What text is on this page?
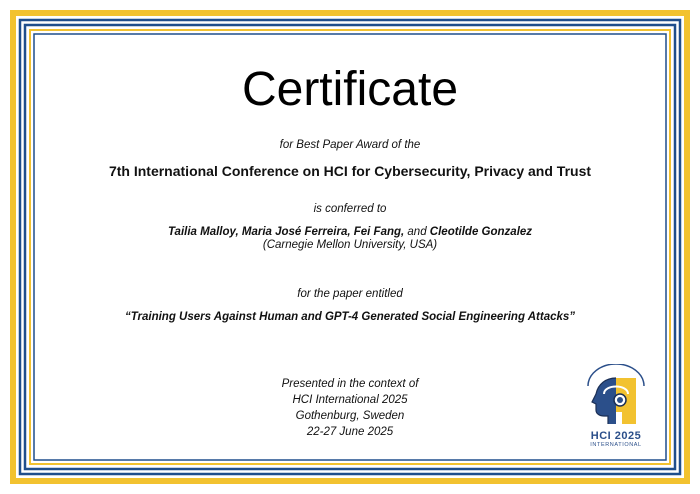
Certificate
for Best Paper Award of the
7th International Conference on HCI for Cybersecurity, Privacy and Trust
is conferred to
Tailia Malloy, Maria José Ferreira, Fei Fang, and Cleotilde Gonzalez
(Carnegie Mellon University, USA)
for the paper entitled
“Training Users Against Human and GPT-4 Generated Social Engineering Attacks”
Presented in the context of
HCI International 2025
Gothenburg, Sweden
22-27 June 2025	HCI 2025
INTERNATIONAL
